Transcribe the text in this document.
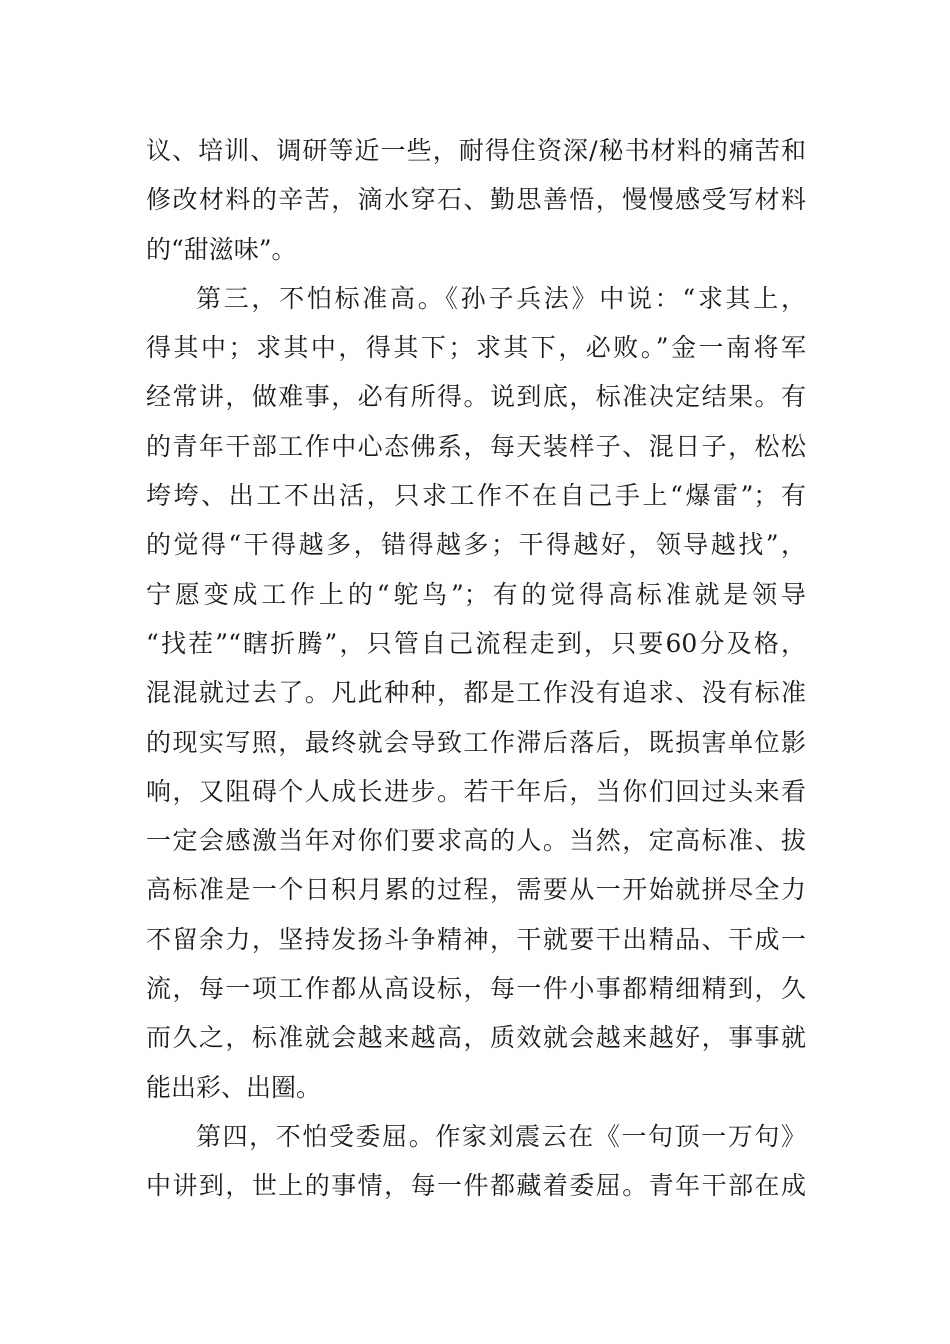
议、培训、调研等近一些，耐得住资深/秘书材料的痛苦和
修改材料的辛苦，滴水穿石、勤思善悟，慢慢感受写材料
的“甜滋味”。
第三，不怕标准高。《孙子兵法》中说：“求其上，
得其中；求其中，得其下；求其下，必败。”金一南将军
经常讲，做难事，必有所得。说到底，标准决定结果。有
的青年干部工作中心态佛系，每天装样子、混日子，松松
垮垮、出工不出活，只求工作不在自己手上“爆雷”；有
的觉得“干得越多，错得越多；干得越好，领导越找”，
宁愿变成工作上的“鸵鸟”；有的觉得高标准就是领导
“找茬”“瞎折腾”，只管自己流程走到，只要60分及格，
混混就过去了。凡此种种，都是工作没有追求、没有标准
的现实写照，最终就会导致工作滞后落后，既损害单位影
响，又阻碍个人成长进步。若干年后，当你们回过头来看
一定会感激当年对你们要求高的人。当然，定高标准、拔
高标准是一个日积月累的过程，需要从一开始就拼尽全力
不留余力，坚持发扬斗争精神，干就要干出精品、干成一
流，每一项工作都从高设标，每一件小事都精细精到，久
而久之，标准就会越来越高，质效就会越来越好，事事就
能出彩、出圈。
第四，不怕受委屈。作家刘震云在《一句顶一万句》
中讲到，世上的事情，每一件都藏着委屈。青年干部在成
